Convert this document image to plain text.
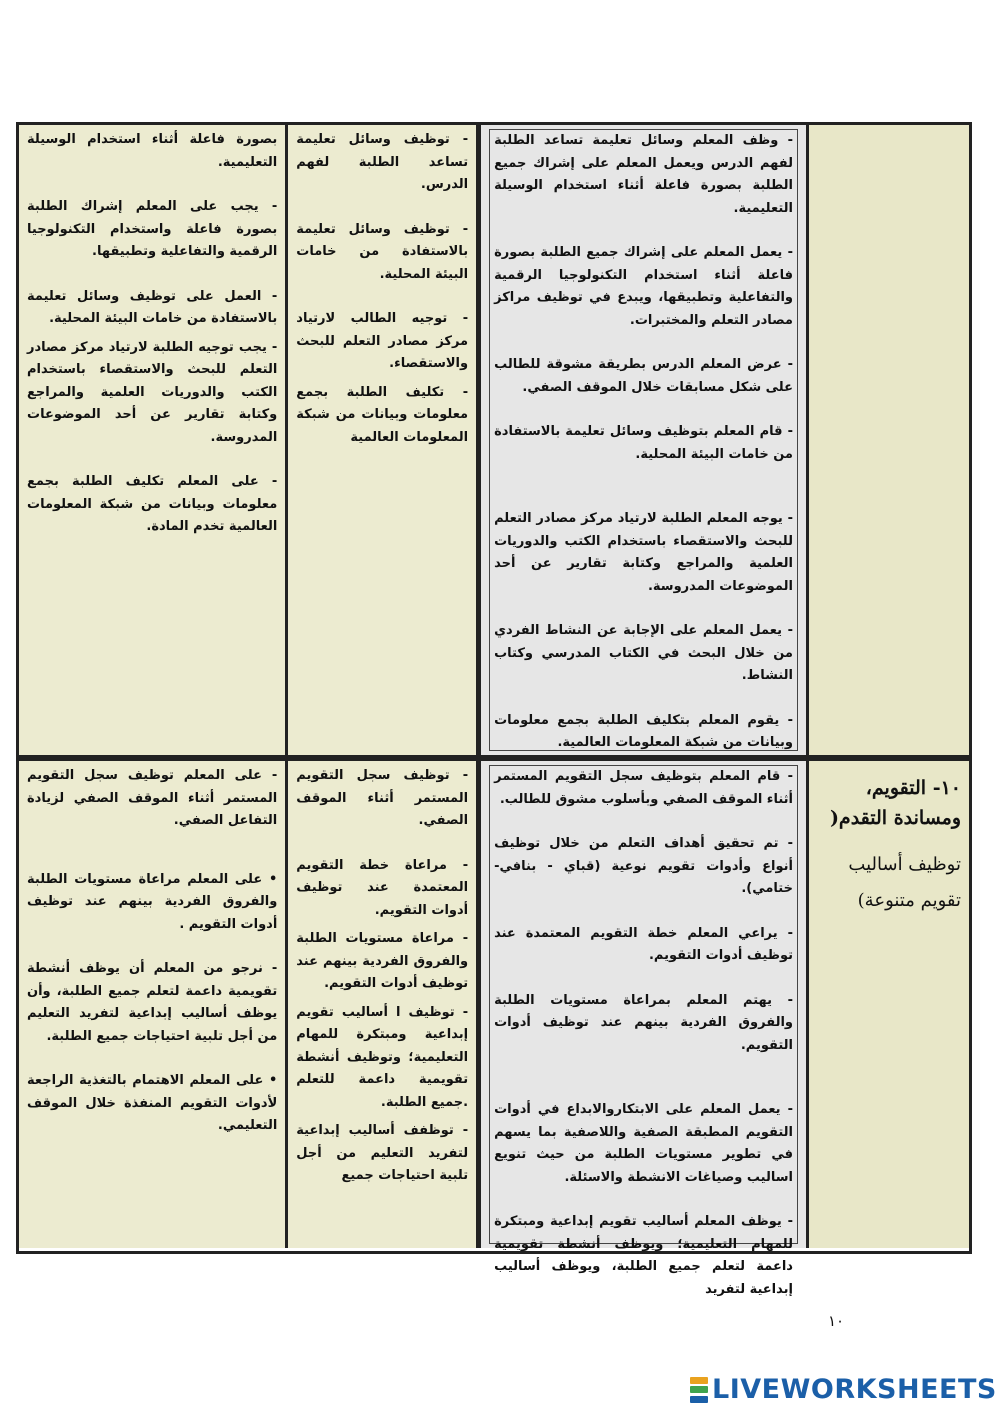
- وظف المعلم وسائل تعليمة تساعد الطلبة لفهم الدرس ويعمل المعلم على إشراك جميع الطلبة بصورة فاعلة أثناء استخدام الوسيلة التعليمية.
- يعمل المعلم على إشراك جميع الطلبة بصورة فاعلة أثناء استخدام التكنولوجيا الرقمية والتفاعلية وتطبيقها، ويبدع في توظيف مراكز مصادر التعلم والمختبرات.
- عرض المعلم الدرس بطريقة مشوقة للطالب على شكل مسابقات خلال الموقف الصفي.
- قام المعلم بتوظيف وسائل تعليمة بالاستفادة من خامات البيئة المحلية.
- يوجه المعلم الطلبة لارتياد مركز مصادر التعلم للبحث والاستقصاء باستخدام الكتب والدوريات العلمية والمراجع وكتابة تقارير عن أحد الموضوعات المدروسة.
- يعمل المعلم على الإجابة عن النشاط الفردي من خلال البحث في الكتاب المدرسي وكتاب النشاط.
- يقوم المعلم بتكليف الطلبة بجمع معلومات وبيانات من شبكة المعلومات العالمية.
- توظيف وسائل تعليمة تساعد الطلبة لفهم الدرس.
- توظيف وسائل تعليمة بالاستفادة من خامات البيئة المحلية.
- توجيه الطالب لارتياد مركز مصادر التعلم للبحث والاستقصاء.
- تكليف الطلبة بجمع معلومات وبيانات من شبكة المعلومات العالمية
بصورة فاعلة أثناء استخدام الوسيلة التعليمية.
- يجب على المعلم إشراك الطلبة بصورة فاعلة واستخدام التكنولوجيا الرقمية والتفاعلية وتطبيقها.
- العمل على توظيف وسائل تعليمة بالاستفادة من خامات البيئة المحلية.
- يجب توجيه الطلبة لارتياد مركز مصادر التعلم للبحث والاستقصاء باستخدام الكتب والدوريات العلمية والمراجع وكتابة تقارير عن أحد الموضوعات المدروسة.
- على المعلم تكليف الطلبة بجمع معلومات وبيانات من شبكة المعلومات العالمية تخدم المادة.
١٠- التقويم، ومساندة التقدم(
توظيف أساليب تقويم متنوعة)
- قام المعلم بتوظيف سجل التقويم المستمر أثناء الموقف الصفي وبأسلوب مشوق للطالب.
- تم تحقيق أهداف التعلم من خلال توظيف أنواع وأدوات تقويم نوعية (قباي - بنافي- ختامي).
- يراعي المعلم خطة التقويم المعتمدة عند توظيف أدوات التقويم.
- يهتم المعلم بمراعاة مستويات الطلبة والفروق الفردية بينهم عند توظيف أدوات التقويم.
- يعمل المعلم على الابتكاروالابداع في أدوات التقويم المطبقة الصفية واللاصفية بما يسهم في تطوير مستويات الطلبة من حيث تنويع اساليب وصياغات الانشطة والاسئلة.
- يوظف المعلم أساليب تقويم إبداعية ومبتكرة للمهام التعليمية؛ ويوظف أنشطة تقويمية داعمة لتعلم جميع الطلبة، ويوظف أساليب إبداعية لتفريد
- توظيف سجل التقويم المستمر أثناء الموقف الصفي.
- مراعاة خطة التقويم المعتمدة عند توظيف أدوات التقويم.
- مراعاة مستويات الطلبة والفروق الفردية بينهم عند توظيف أدوات التقويم.
- توظيف ا أساليب تقويم إبداعية ومبتكرة للمهام التعليمية؛ وتوظيف أنشطة تقويمية داعمة للتعلم .جميع الطلبة.
- توظفف أساليب إبداعية لتفريد التعليم من أجل تلبية احتياجات جميع
- على المعلم توظيف سجل التقويم المستمر أثناء الموقف الصفي لزيادة التفاعل الصفي.
• على المعلم مراعاة مستويات الطلبة والفروق الفردية بينهم عند توظيف أدوات التقويم .
- نرجو من المعلم أن يوظف أنشطة تقويمية داعمة لتعلم جميع الطلبة، وأن يوظف أساليب إبداعية لتفريد التعليم من أجل تلبية احتياجات جميع الطلبة.
• على المعلم الاهتمام بالتغذية الراجعة لأدوات التقويم المنفذة خلال الموقف التعليمي.
١٠
LIVEWORKSHEETS
